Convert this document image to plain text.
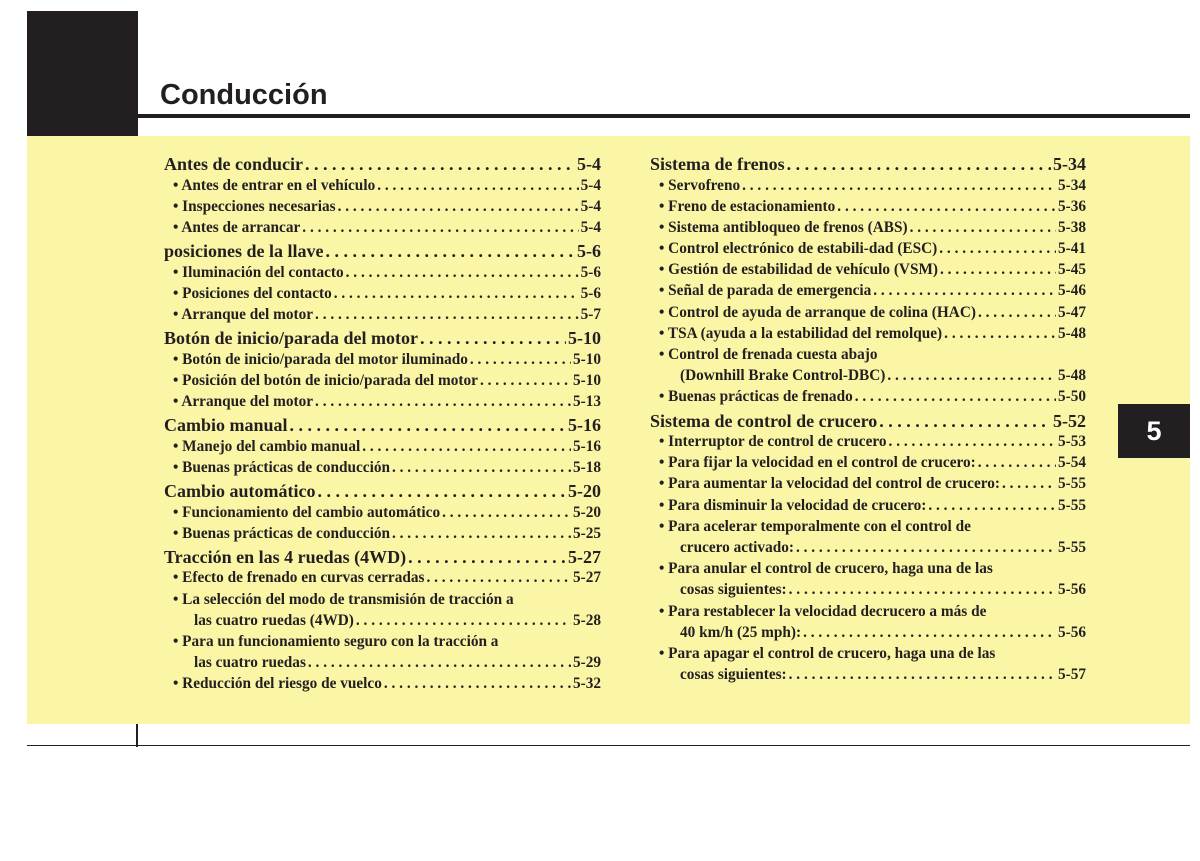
Conducción
5
Antes de conducir . . .	5-4
• Antes de entrar en el vehículo . . .	5-4
• Inspecciones necesarias . . .	5-4
• Antes de arrancar . . .	5-4
posiciones de la llave . . .	5-6
• Iluminación del contacto . . .	5-6
• Posiciones del contacto . . .	5-6
• Arranque del motor . . .	5-7
Botón de inicio/parada del motor . . .	5-10
• Botón de inicio/parada del motor iluminado . . .	5-10
• Posición del botón de inicio/parada del motor . . .	5-10
• Arranque del motor . . .	5-13
Cambio manual . . .	5-16
• Manejo del cambio manual . . .	5-16
• Buenas prácticas de conducción . . .	5-18
Cambio automático . . .	5-20
• Funcionamiento del cambio automático . . .	5-20
• Buenas prácticas de conducción . . .	5-25
Tracción en las 4 ruedas (4WD) . . .	5-27
• Efecto de frenado en curvas cerradas . . .	5-27
• La selección del modo de transmisión de tracción a
las cuatro ruedas (4WD) . . .	5-28
• Para un funcionamiento seguro con la tracción a
las cuatro ruedas . . .	5-29
• Reducción del riesgo de vuelco . . .	5-32
Sistema de frenos . . .	5-34
• Servofreno . . .	5-34
• Freno de estacionamiento . . .	5-36
• Sistema antibloqueo de frenos (ABS) . . .	5-38
• Control electrónico de estabili-dad (ESC) . . .	5-41
• Gestión de estabilidad de vehículo (VSM) . . .	5-45
• Señal de parada de emergencia . . .	5-46
• Control de ayuda de arranque de colina (HAC) . . .	5-47
• TSA (ayuda a la estabilidad del remolque) . . .	5-48
• Control de frenada cuesta abajo
(Downhill Brake Control-DBC) . . .	5-48
• Buenas prácticas de frenado . . .	5-50
Sistema de control de crucero . . .	5-52
• Interruptor de control de crucero . . .	5-53
• Para fijar la velocidad en el control de crucero: . . .	5-54
• Para aumentar la velocidad del control de crucero: . . .	5-55
• Para disminuir la velocidad de crucero: . . .	5-55
• Para acelerar temporalmente con el control de
crucero activado: . . .	5-55
• Para anular el control de crucero, haga una de las
cosas siguientes: . . .	5-56
• Para restablecer la velocidad decrucero a más de
40 km/h (25 mph): . . .	5-56
• Para apagar el control de crucero, haga una de las
cosas siguientes: . . .	5-57
